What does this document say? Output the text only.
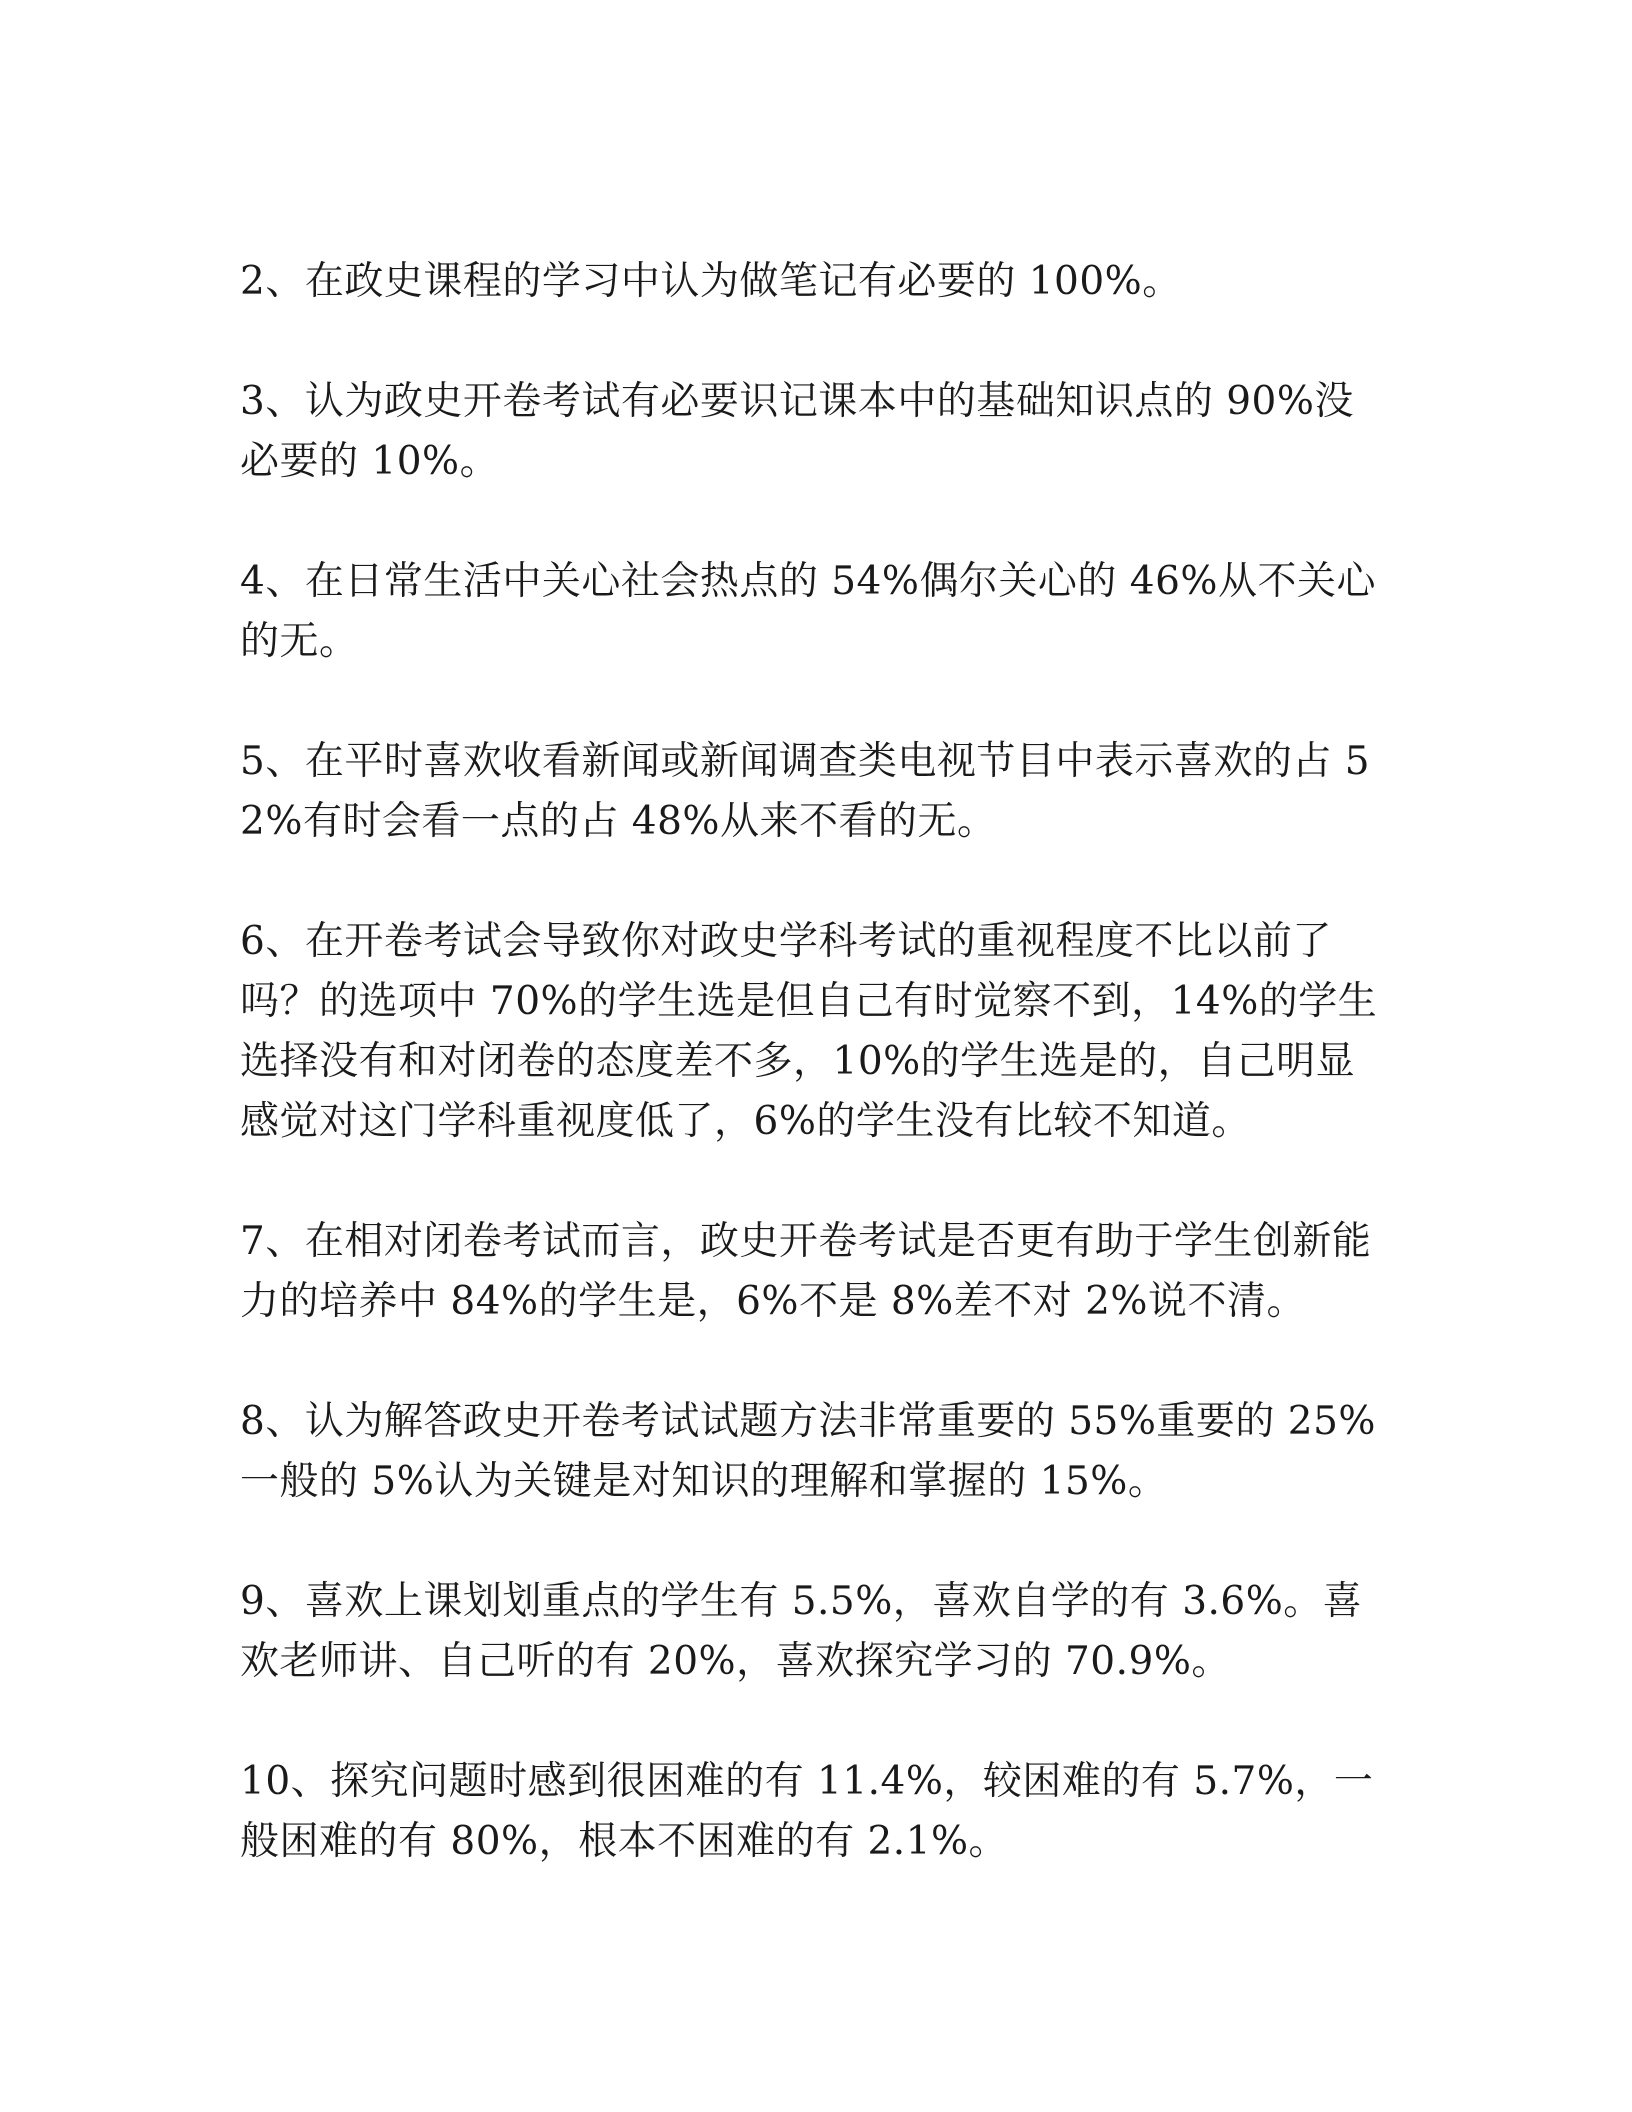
2、在政史课程的学习中认为做笔记有必要的 100%。

3、认为政史开卷考试有必要识记课本中的基础知识点的 90%没必要的 10%。

4、在日常生活中关心社会热点的 54%偶尔关心的 46%从不关心的无。

5、在平时喜欢收看新闻或新闻调查类电视节目中表示喜欢的占 52%有时会看一点的占 48%从来不看的无。

6、在开卷考试会导致你对政史学科考试的重视程度不比以前了吗？的选项中 70%的学生选是但自己有时觉察不到，14%的学生选择没有和对闭卷的态度差不多，10%的学生选是的，自己明显感觉对这门学科重视度低了，6%的学生没有比较不知道。

7、在相对闭卷考试而言，政史开卷考试是否更有助于学生创新能力的培养中 84%的学生是，6%不是 8%差不对 2%说不清。

8、认为解答政史开卷考试试题方法非常重要的 55%重要的 25%一般的 5%认为关键是对知识的理解和掌握的 15%。

9、喜欢上课划划重点的学生有 5.5%，喜欢自学的有 3.6%。喜欢老师讲、自己听的有 20%，喜欢探究学习的 70.9%。

10、探究问题时感到很困难的有 11.4%，较困难的有 5.7%，一般困难的有 80%，根本不困难的有 2.1%。
